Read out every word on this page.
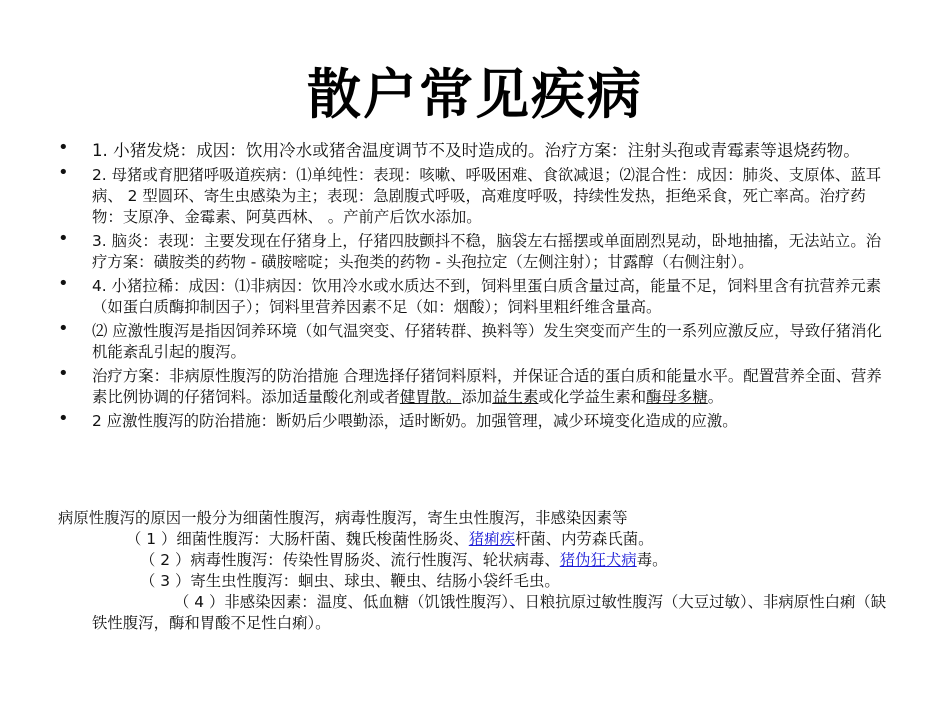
散户常见疾病
• 1. 小猪发烧：成因：饮用冷水或猪舍温度调节不及时造成的。治疗方案：注射头孢或青霉素等退烧药物。
• 2. 母猪或育肥猪呼吸道疾病：⑴单纯性：表现：咳嗽、呼吸困难、食欲减退；⑵混合性：成因：肺炎、支原体、蓝耳病、 2 型圆环、寄生虫感染为主；表现：急剧腹式呼吸，高难度呼吸，持续性发热，拒绝采食，死亡率高。治疗药物：支原净、金霉素、阿莫西林、 。产前产后饮水添加。
• 3. 脑炎：表现：主要发现在仔猪身上，仔猪四肢颤抖不稳，脑袋左右摇摆或单面剧烈晃动，卧地抽搐，无法站立。治疗方案：磺胺类的药物 - 磺胺嘧啶；头孢类的药物 - 头孢拉定（左侧注射）；甘露醇（右侧注射）。
• 4. 小猪拉稀：成因：⑴非病因：饮用冷水或水质达不到，饲料里蛋白质含量过高，能量不足，饲料里含有抗营养元素（如蛋白质酶抑制因子）；饲料里营养因素不足（如：烟酸）；饲料里粗纤维含量高。
• ⑵ 应激性腹泻是指因饲养环境（如气温突变、仔猪转群、换料等）发生突变而产生的一系列应激反应，导致仔猪消化机能紊乱引起的腹泻。
• 治疗方案：非病原性腹泻的防治措施 合理选择仔猪饲料原料，并保证合适的蛋白质和能量水平。配置营养全面、营养素比例协调的仔猪饲料。添加适量酸化剂或者健胃散。添加益生素或化学益生素和酶母多糖。
• 2 应激性腹泻的防治措施：断奶后少喂勤添，适时断奶。加强管理，减少环境变化造成的应激。
病原性腹泻的原因一般分为细菌性腹泻，病毒性腹泻，寄生虫性腹泻，非感染因素等
（ 1 ）细菌性腹泻：大肠杆菌、魏氏梭菌性肠炎、猪痢疾杆菌、内劳森氏菌。
（ 2 ）病毒性腹泻：传染性胃肠炎、流行性腹泻、轮状病毒、猪伪狂犬病毒。
（ 3 ）寄生虫性腹泻：蛔虫、球虫、鞭虫、结肠小袋纤毛虫。
（ 4 ）非感染因素：温度、低血糖（饥饿性腹泻）、日粮抗原过敏性腹泻（大豆过敏）、非病原性白痢（缺铁性腹泻，酶和胃酸不足性白痢）。
